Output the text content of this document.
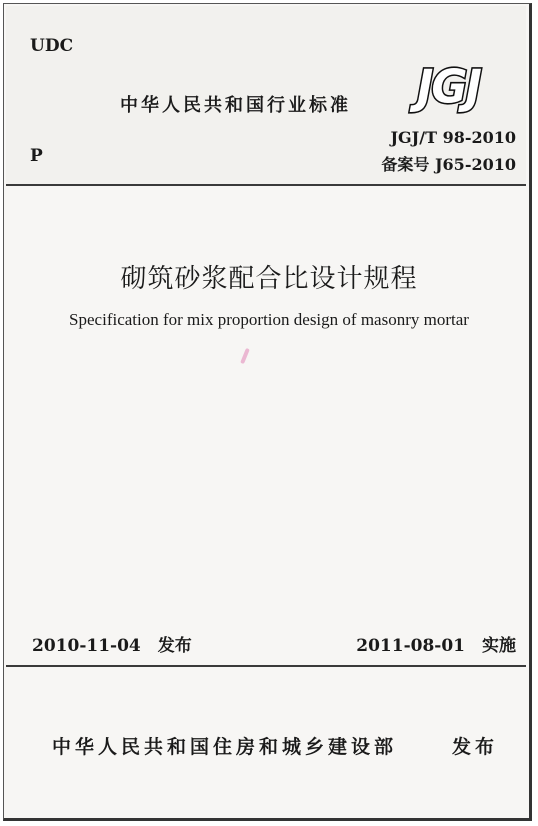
UDC
中华人民共和国行业标准 JGJ
P
JGJ/T 98-2010
备案号 J65-2010
砌筑砂浆配合比设计规程
Specification for mix proportion design of masonry mortar
2010-11-04　发布	2011-08-01　实施
中华人民共和国住房和城乡建设部	发布
